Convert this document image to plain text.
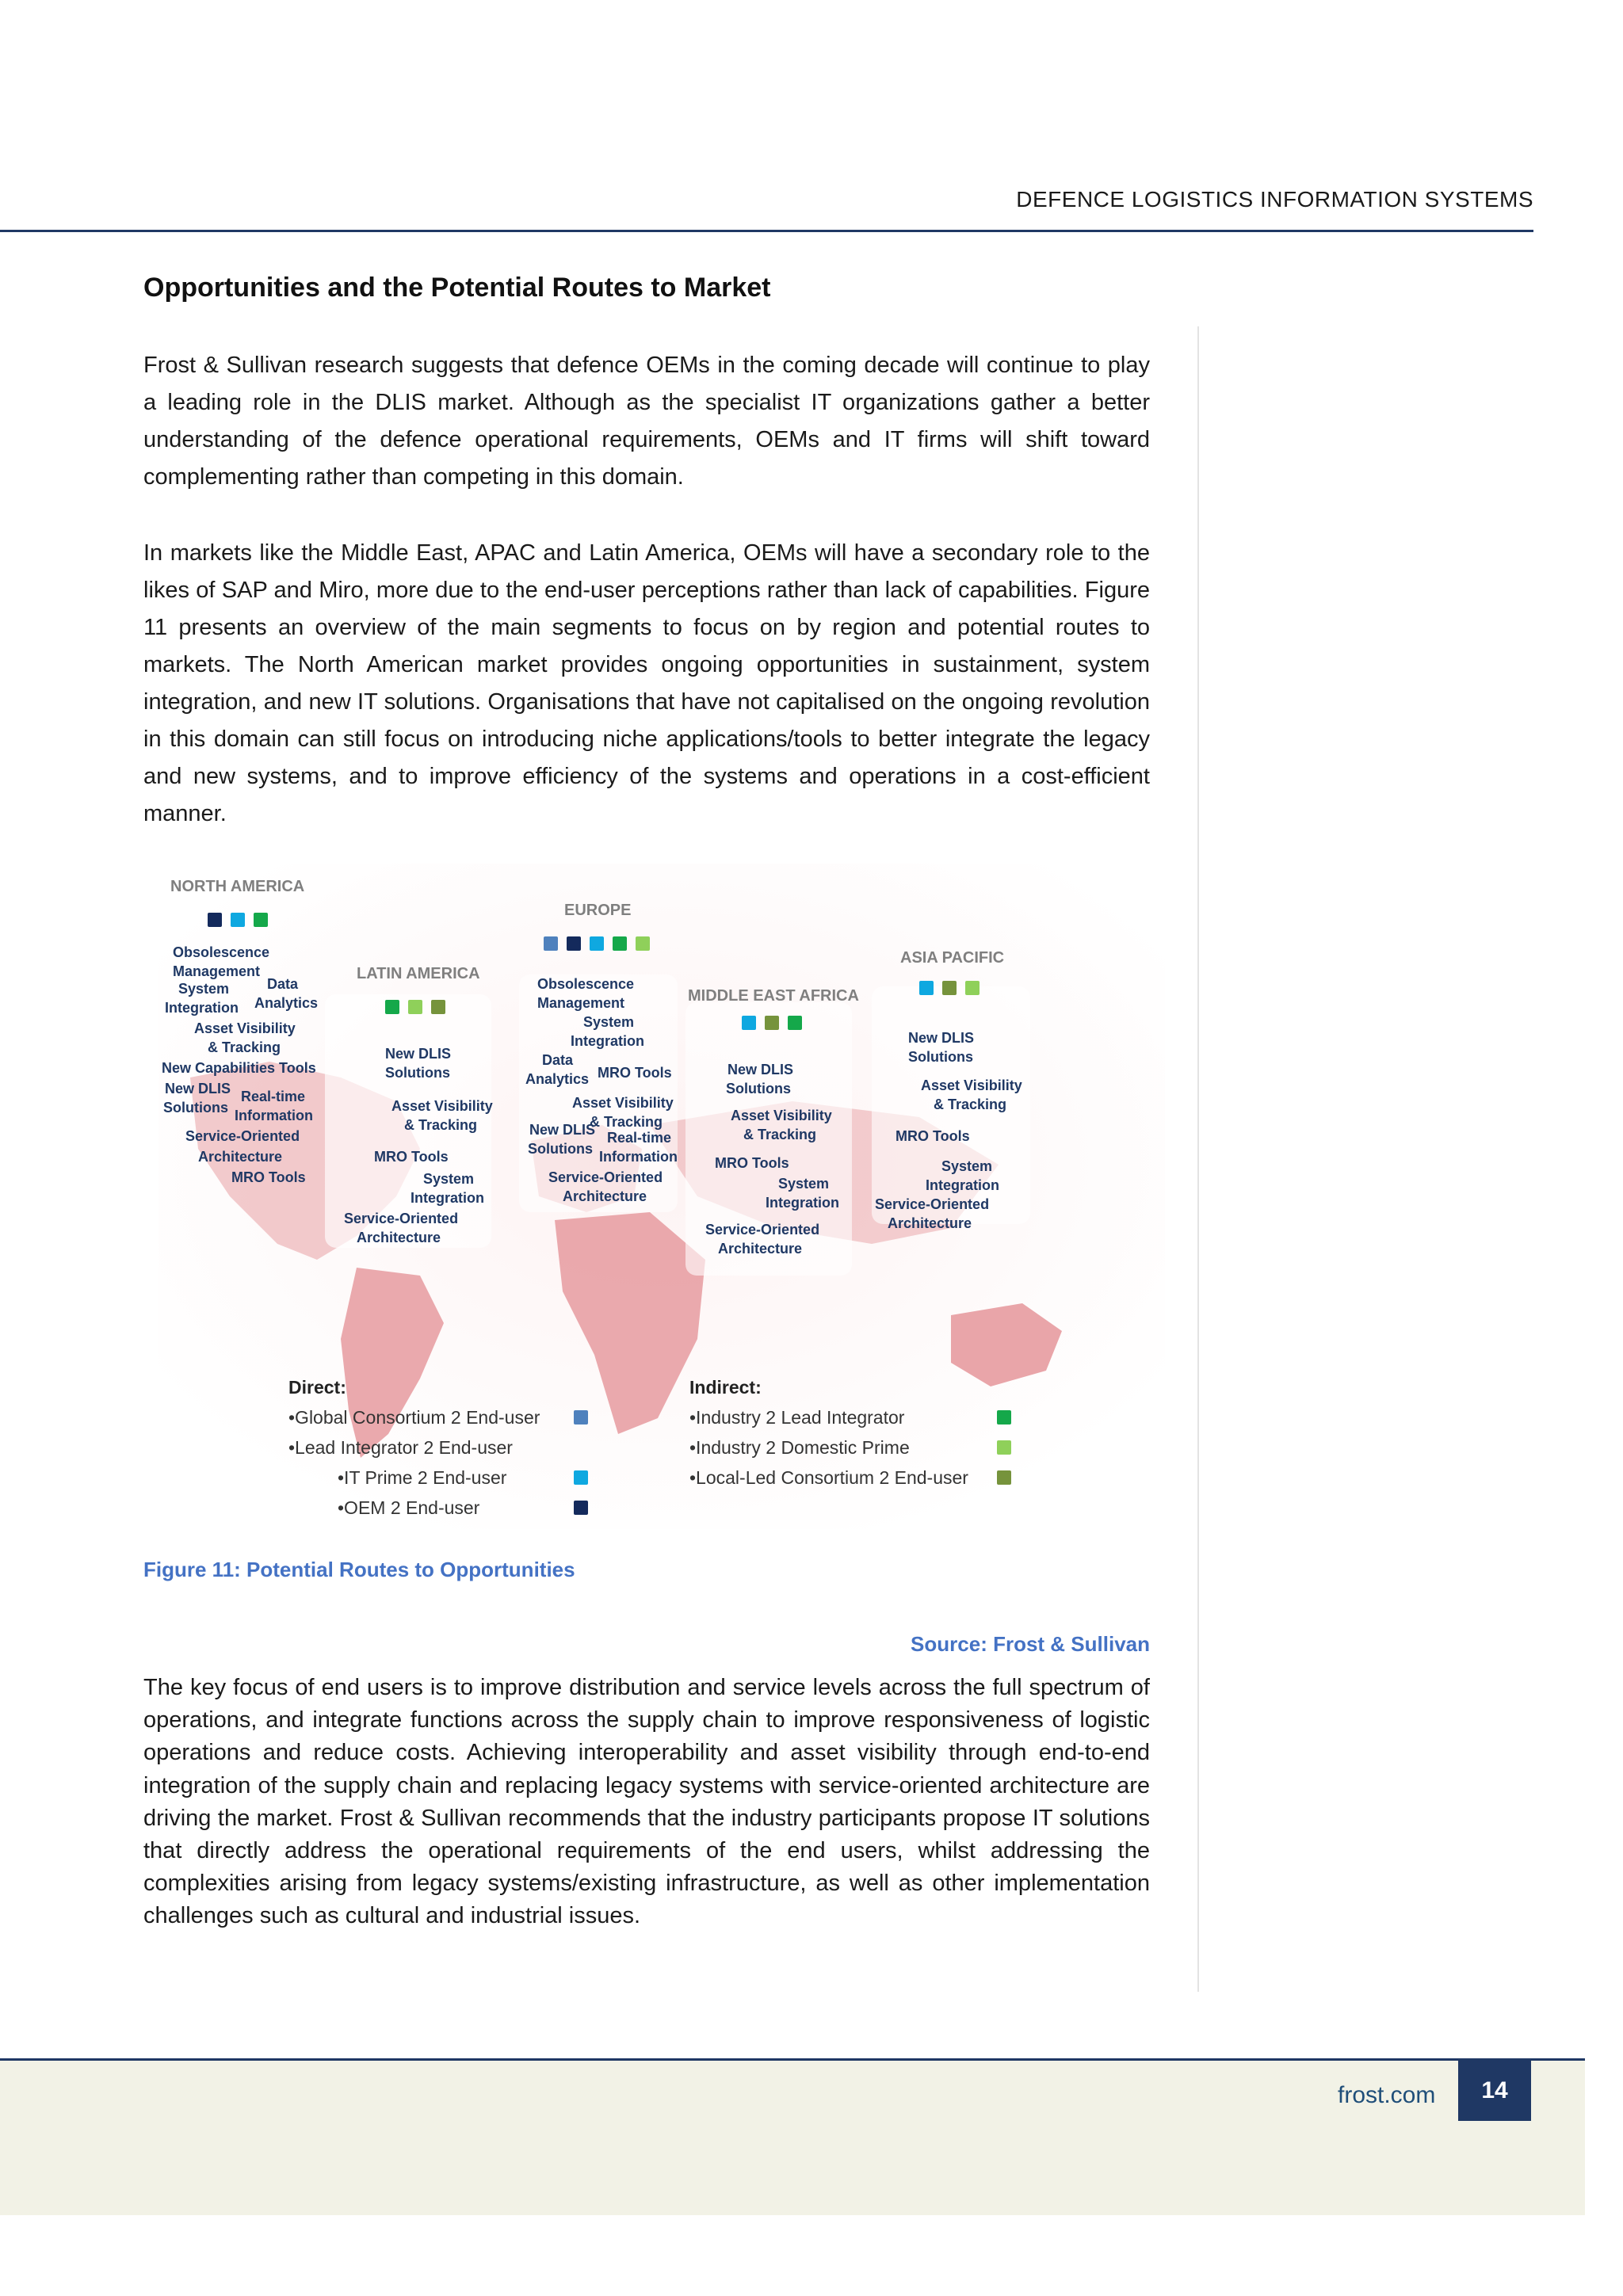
DEFENCE LOGISTICS INFORMATION SYSTEMS
Opportunities and the Potential Routes to Market
Frost & Sullivan research suggests that defence OEMs in the coming decade will continue to play a leading role in the DLIS market. Although as the specialist IT organizations gather a better understanding of the defence operational requirements, OEMs and IT firms will shift toward complementing rather than competing in this domain.
In markets like the Middle East, APAC and Latin America, OEMs will have a secondary role to the likes of SAP and Miro, more due to the end-user perceptions rather than lack of capabilities. Figure 11 presents an overview of the main segments to focus on by region and potential routes to markets. The North American market provides ongoing opportunities in sustainment, system integration, and new IT solutions. Organisations that have not capitalised on the ongoing revolution in this domain can still focus on introducing niche applications/tools to better integrate the legacy and new systems, and to improve efficiency of the systems and operations in a cost-efficient manner.
NORTH AMERICA
Obsolescence
Management
System
Integration
Data
Analytics
Asset Visibility
& Tracking
New Capabilities Tools
New DLIS
Solutions
Real-time
Information
Service-Oriented
Architecture
MRO Tools
LATIN AMERICA
New DLIS
Solutions
Asset Visibility
& Tracking
MRO Tools
System
Integration
Service-Oriented
Architecture
EUROPE
Obsolescence
Management
System
Integration
Data
Analytics MRO Tools
Asset Visibility
& Tracking
New DLIS
Solutions
Real-time
Information
Service-Oriented
Architecture
MIDDLE EAST AFRICA
New DLIS
Solutions
Asset Visibility
& Tracking
MRO Tools
System
Integration
Service-Oriented
Architecture
ASIA PACIFIC
New DLIS
Solutions
Asset Visibility
& Tracking
MRO Tools
System
Integration
Service-Oriented
Architecture
Direct:
•Global Consortium 2 End-user
•Lead Integrator 2 End-user
•IT Prime 2 End-user
•OEM 2 End-user
Indirect:
•Industry 2 Lead Integrator
•Industry 2 Domestic Prime
•Local-Led Consortium 2 End-user
Figure 11: Potential Routes to Opportunities
Source: Frost & Sullivan
The key focus of end users is to improve distribution and service levels across the full spectrum of operations, and integrate functions across the supply chain to improve responsiveness of logistic operations and reduce costs. Achieving interoperability and asset visibility through end-to-end integration of the supply chain and replacing legacy systems with service-oriented architecture are driving the market. Frost & Sullivan recommends that the industry participants propose IT solutions that directly address the operational requirements of the end users, whilst addressing the complexities arising from legacy systems/existing infrastructure, as well as other implementation challenges such as cultural and industrial issues.
frost.com	14
